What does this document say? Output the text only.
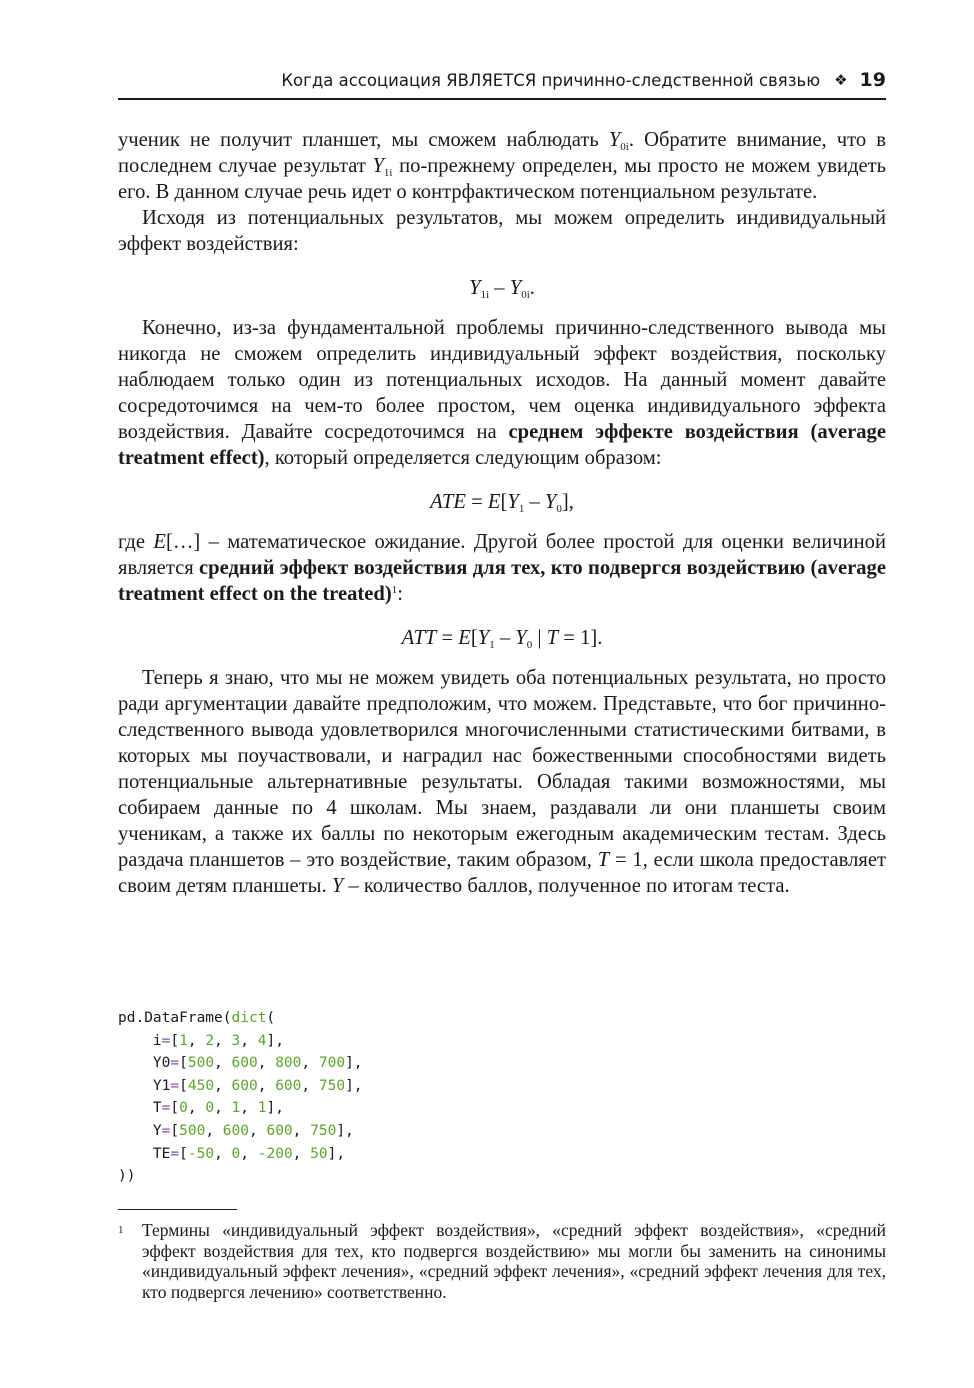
Когда ассоциация ЯВЛЯЕТСЯ причинно-следственной связью ❖ 19

ученик не получит планшет, мы сможем наблюдать $Y_{0i}$. Обратите внимание, что в последнем случае результат $Y_{1i}$ по-прежнему определен, мы просто не можем увидеть его. В данном случае речь идет о контрфактическом потенциальном результате.

Исходя из потенциальных результатов, мы можем определить индивидуальный эффект воздействия:

$Y_{1i} - Y_{0i}$.

Конечно, из-за фундаментальной проблемы причинно-следственного вывода мы никогда не сможем определить индивидуальный эффект воздействия, поскольку наблюдаем только один из потенциальных исходов. На данный момент давайте сосредоточимся на чем-то более простом, чем оценка индивидуального эффекта воздействия. Давайте сосредоточимся на среднем эффекте воздействия (average treatment effect), который определяется следующим образом:

ATE = $E[Y_1 - Y_0]$,

где E[…] – математическое ожидание. Другой более простой для оценки величиной является средний эффект воздействия для тех, кто подвергся воздействию (average treatment effect on the treated)$^1$:

ATT = $E[Y_1 - Y_0$ | T = 1].

Теперь я знаю, что мы не можем увидеть оба потенциальных результата, но просто ради аргументации давайте предположим, что можем. Представьте, что бог причинно-следственного вывода удовлетворился многочисленными статистическими битвами, в которых мы поучаствовали, и наградил нас божественными способностями видеть потенциальные альтернативные результаты. Обладая такими возможностями, мы собираем данные по 4 школам. Мы знаем, раздавали ли они планшеты своим ученикам, а также их баллы по некоторым ежегодным академическим тестам. Здесь раздача планшетов – это воздействие, таким образом, T = 1, если школа предоставляет своим детям планшеты. Y – количество баллов, полученное по итогам теста.

pd.DataFrame(dict(
i=[1, 2, 3, 4],
Y0=[500, 600, 800, 700],
Y1=[450, 600, 600, 750],
T=[0, 0, 1, 1],
Y=[500, 600, 600, 750],
TE=[-50, 0, -200, 50],
))
1	Термины «индивидуальный эффект воздействия», «средний эффект воздействия», «средний эффект воздействия для тех, кто подвергся воздействию» мы могли бы заменить на синонимы «индивидуальный эффект лечения», «средний эффект лечения», «средний эффект лечения для тех, кто подвергся лечению» соответственно.
